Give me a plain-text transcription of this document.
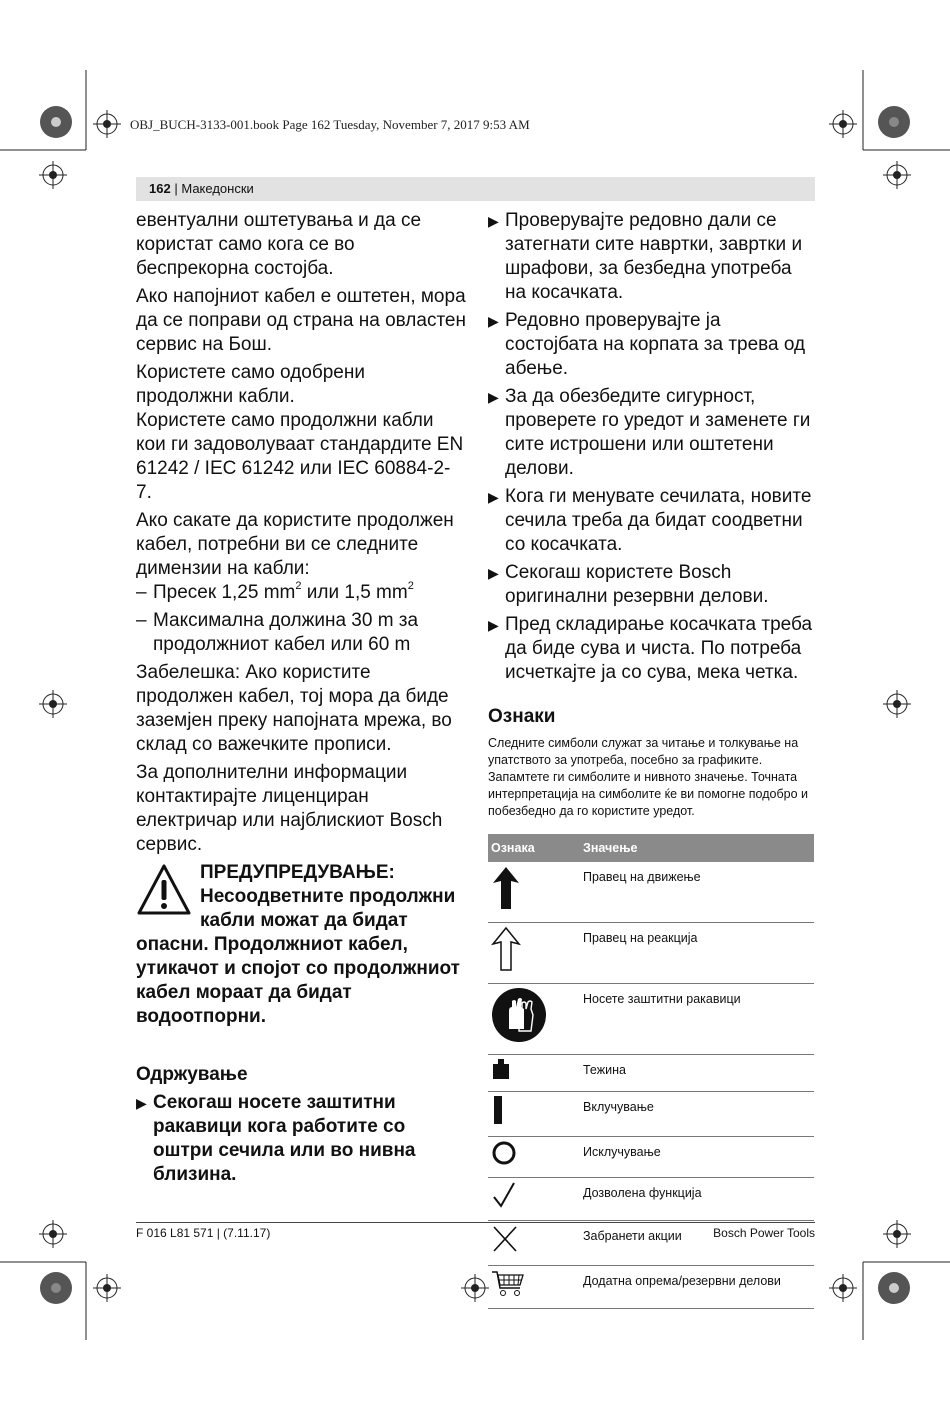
OBJ_BUCH-3133-001.book Page 162 Tuesday, November 7, 2017 9:53 AM
162 | Македонски

евентуални оштетувања и да се користат само кога се во беспрекорна состојба.

Ако напојниот кабел е оштетен, мора да се поправи од страна на овластен сервис на Бош.

Користете само одобрени продолжни кабли.

Користете само продолжни кабли кои ги задоволуваат стандардите EN 61242 / IEC 61242 или IEC 60884-2-7.

Ако сакате да користите продолжен кабел, потребни ви се следните димензии на кабли:

– Пресек 1,25 $mm^2$ или 1,5 $mm^2$
– Максимална должина 30 m за продолжниот кабел или 60 m

Забелешка: Ако користите продолжен кабел, тој мора да биде заземјен преку напојната мрежа, во склад со важечките прописи.

За дополнителни информации контактирајте лиценциран електричар или најблискиот Bosch сервис.

ПРЕДУПРЕДУВАЊЕ:
Несоодветните продолжни
кабли можат да бидат
опасни. Продолжниот кабел, утикачот и спојот со продолжниот кабел мораат да бидат водоотпорни.
Одржување
▶ Секогаш носете заштитни ракавици кога работите со оштри сечила или во нивна близина.
▶ Проверувајте редовно дали се затегнати сите навртки, завртки и шрафови, за безбедна употреба на косачката.
▶ Редовно проверувајте ја состојбата на корпата за трева од абење.
▶ За да обезбедите сигурност, проверете го уредот и заменете ги сите истрошени или оштетени делови.
▶ Кога ги менувате сечилата, новите сечила треба да бидат соодветни со косачката.
▶ Секогаш користете Bosch оригинални резервни делови.
▶ Пред складирање косачката треба да биде сува и чиста. По потреба исчеткајте ја со сува, мека четка.
Ознаки
Следните симболи служат за читање и толкување на упатството за употреба, посебно за графиките. Запамтете ги симболите и нивното значење. Точната интерпретација на симболите ќе ви помогне подобро и побезбедно да го користите уредот.
Ознака	Значење
	Правец на движење
	Правец на реакција
	Носете заштитни ракавици
	Тежина
	Вклучување
	Исклучување
	Дозволена функција
	Забранети акции
	Додатна опрема/резервни делови
F 016 L81 571 | (7.11.17)	Bosch Power Tools
